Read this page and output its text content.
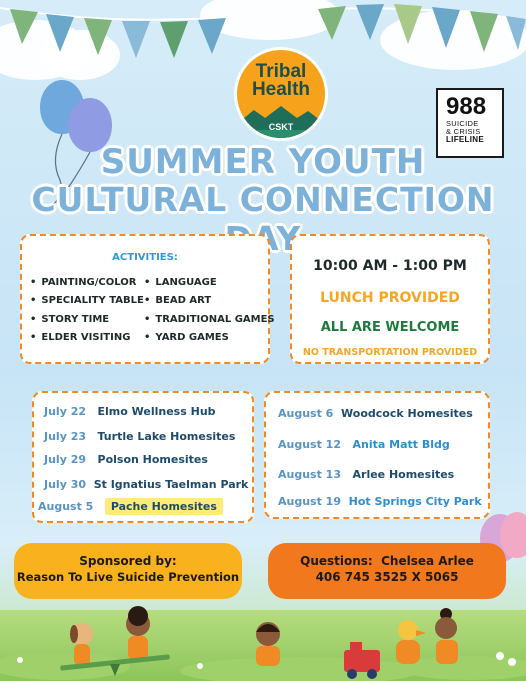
Tribal
Health
CSKT
988
SUICIDE
& CRISIS
LIFELINE
SUMMER YOUTH
CULTURAL CONNECTION
ACTIVITIES:
• PAINTING/COLOR
• SPECIALITY TABLE
• STORY TIME
• ELDER VISITING
• LANGUAGE
• BEAD ART
• TRADITIONAL GAMES
• YARD GAMES
10:00 AM - 1:00 PM
LUNCH PROVIDED
ALL ARE WELCOME
NO TRANSPORTATION PROVIDED
July 22 Elmo Wellness Hub
July 23 Turtle Lake Homesites
July 29 Polson Homesites
July 30 St Ignatius Taelman Park
August 5 Pache Homesites
August 6 Woodcock Homesites
August 12 Anita Matt Bldg
August 13 Arlee Homesites
August 19 Hot Springs City Park
Sponsored by:
Reason To Live Suicide Prevention
Questions: Chelsea Arlee
406 745 3525 X 5065
